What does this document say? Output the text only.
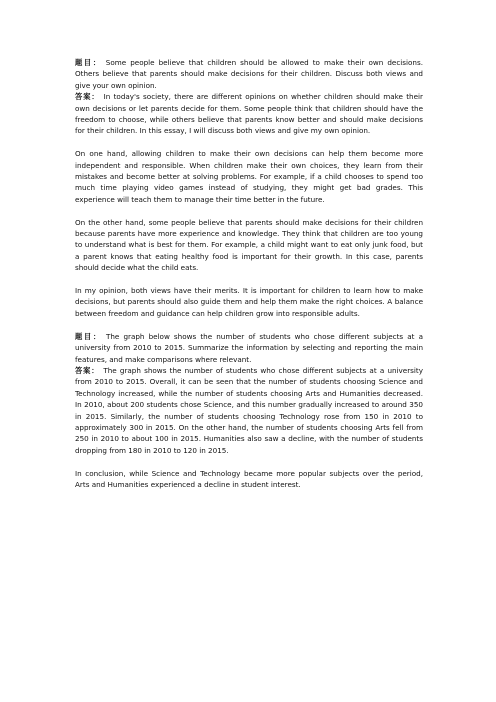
题目： Some people believe that children should be allowed to make their own decisions. Others believe that parents should make decisions for their children. Discuss both views and give your own opinion.

答案： In today's society, there are different opinions on whether children should make their own decisions or let parents decide for them. Some people think that children should have the freedom to choose, while others believe that parents know better and should make decisions for their children. In this essay, I will discuss both views and give my own opinion.

On one hand, allowing children to make their own decisions can help them become more independent and responsible. When children make their own choices, they learn from their mistakes and become better at solving problems. For example, if a child chooses to spend too much time playing video games instead of studying, they might get bad grades. This experience will teach them to manage their time better in the future.

On the other hand, some people believe that parents should make decisions for their children because parents have more experience and knowledge. They think that children are too young to understand what is best for them. For example, a child might want to eat only junk food, but a parent knows that eating healthy food is important for their growth. In this case, parents should decide what the child eats.

In my opinion, both views have their merits. It is important for children to learn how to make decisions, but parents should also guide them and help them make the right choices. A balance between freedom and guidance can help children grow into responsible adults.

题目： The graph below shows the number of students who chose different subjects at a university from 2010 to 2015. Summarize the information by selecting and reporting the main features, and make comparisons where relevant.

答案： The graph shows the number of students who chose different subjects at a university from 2010 to 2015. Overall, it can be seen that the number of students choosing Science and Technology increased, while the number of students choosing Arts and Humanities decreased. In 2010, about 200 students chose Science, and this number gradually increased to around 350 in 2015. Similarly, the number of students choosing Technology rose from 150 in 2010 to approximately 300 in 2015. On the other hand, the number of students choosing Arts fell from 250 in 2010 to about 100 in 2015. Humanities also saw a decline, with the number of students dropping from 180 in 2010 to 120 in 2015.

In conclusion, while Science and Technology became more popular subjects over the period, Arts and Humanities experienced a decline in student interest.
